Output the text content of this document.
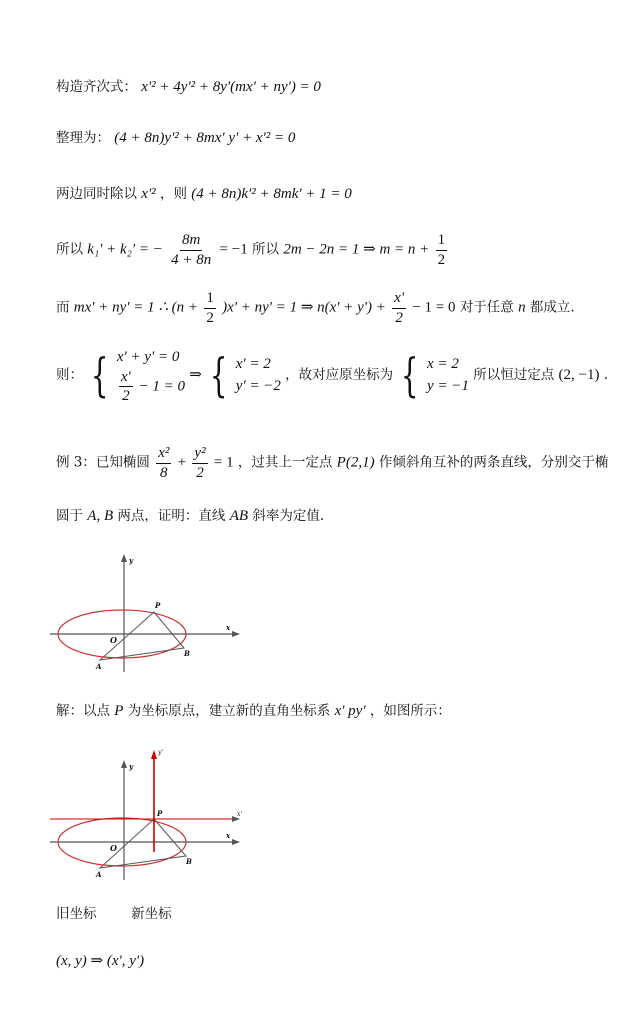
构造齐次式： x'² + 4y'² + 8y'(mx' + ny') = 0
整理为： (4 + 8n)y'² + 8mx' y' + x'² = 0
两边同时除以 x'² ，则 (4 + 8n)k'² + 8mk' + 1 = 0
所以 k₁' + k₂' = − $\frac{8m}{4 + 8n} = -1$ 所以 2m − 2n = 1 ⇒ $m = n + \frac{1}{2}$
而 mx' + ny' = 1 ∴ $(n + \frac{1}{2} )x' + ny' = 1$ ⇒ $n(x' + y') + \frac{x'}{2} - 1 = 0$ 对于任意 n 都成立.
则： { x' + y' = 0
$\frac{x'}{2} - 1 = 0$
⇒ { x' = 2
y' = −2
，故对应原坐标为 { x = 2
y = −1
所以恒过定点 (2, −1) .
例 3：已知椭圆 $\frac{\text{x²}}{8} + \frac{\text{y²}}{2} = 1$ ，过其上一定点 P(2,1) 作倾斜角互补的两条直线，分别交于椭
圆于 A, B 两点，证明：直线 AB 斜率为定值.
y
x
O
P
A
B
解：以点 P 为坐标原点，建立新的直角坐标系 x' py' ，如图所示：
y'
x'
y
x
O
P
A
B
旧坐标	新坐标
(x, y) ⇒ (x', y')
